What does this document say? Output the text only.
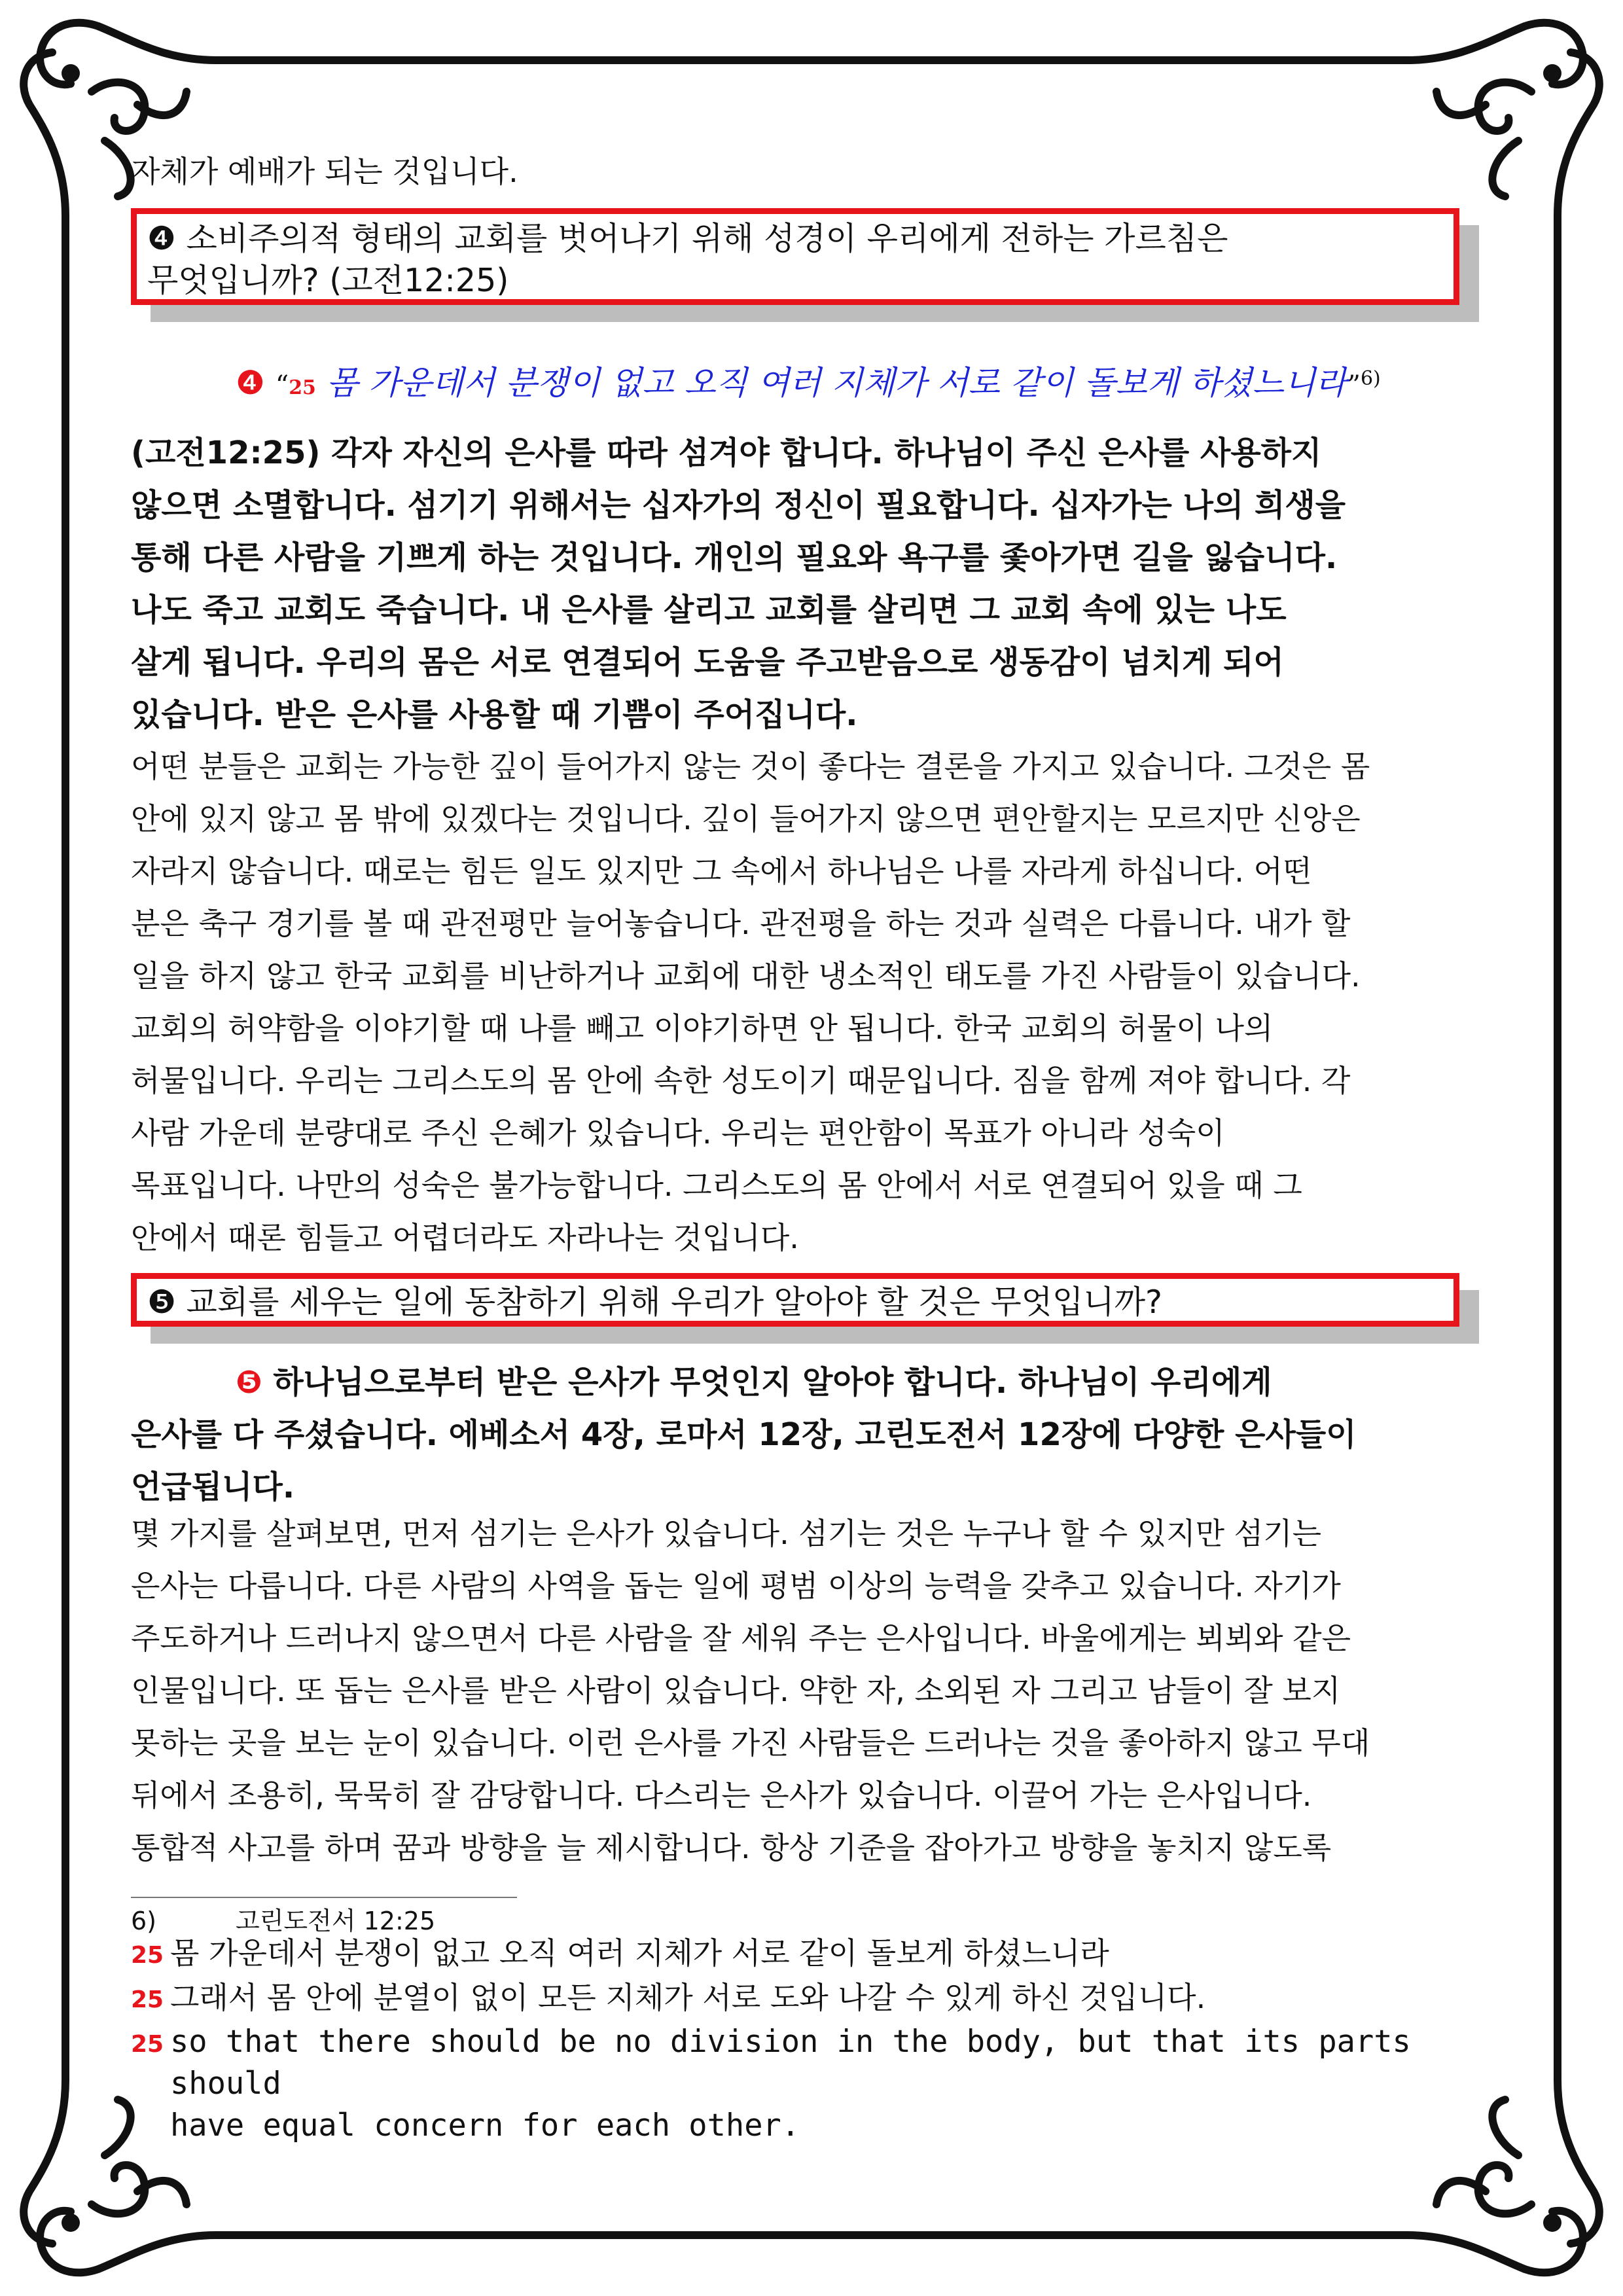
자체가 예배가 되는 것입니다.
❹ 소비주의적 형태의 교회를 벗어나기 위해 성경이 우리에게 전하는 가르침은
무엇입니까? (고전12:25)
❹ “25 몸 가운데서 분쟁이 없고 오직 여러 지체가 서로 같이 돌보게 하셨느니라”$^{6)}$
(고전12:25) 각자 자신의 은사를 따라 섬겨야 합니다. 하나님이 주신 은사를 사용하지
않으면 소멸합니다. 섬기기 위해서는 십자가의 정신이 필요합니다. 십자가는 나의 희생을
통해 다른 사람을 기쁘게 하는 것입니다. 개인의 필요와 욕구를 좇아가면 길을 잃습니다.
나도 죽고 교회도 죽습니다. 내 은사를 살리고 교회를 살리면 그 교회 속에 있는 나도
살게 됩니다. 우리의 몸은 서로 연결되어 도움을 주고받음으로 생동감이 넘치게 되어
있습니다. 받은 은사를 사용할 때 기쁨이 주어집니다.
어떤 분들은 교회는 가능한 깊이 들어가지 않는 것이 좋다는 결론을 가지고 있습니다. 그것은 몸
안에 있지 않고 몸 밖에 있겠다는 것입니다. 깊이 들어가지 않으면 편안할지는 모르지만 신앙은
자라지 않습니다. 때로는 힘든 일도 있지만 그 속에서 하나님은 나를 자라게 하십니다. 어떤
분은 축구 경기를 볼 때 관전평만 늘어놓습니다. 관전평을 하는 것과 실력은 다릅니다. 내가 할
일을 하지 않고 한국 교회를 비난하거나 교회에 대한 냉소적인 태도를 가진 사람들이 있습니다.
교회의 허약함을 이야기할 때 나를 빼고 이야기하면 안 됩니다. 한국 교회의 허물이 나의
허물입니다. 우리는 그리스도의 몸 안에 속한 성도이기 때문입니다. 짐을 함께 져야 합니다. 각
사람 가운데 분량대로 주신 은혜가 있습니다. 우리는 편안함이 목표가 아니라 성숙이
목표입니다. 나만의 성숙은 불가능합니다. 그리스도의 몸 안에서 서로 연결되어 있을 때 그
안에서 때론 힘들고 어렵더라도 자라나는 것입니다.
❺ 교회를 세우는 일에 동참하기 위해 우리가 알아야 할 것은 무엇입니까?
❺ 하나님으로부터 받은 은사가 무엇인지 알아야 합니다. 하나님이 우리에게
은사를 다 주셨습니다. 에베소서 4장, 로마서 12장, 고린도전서 12장에 다양한 은사들이
언급됩니다.
몇 가지를 살펴보면, 먼저 섬기는 은사가 있습니다. 섬기는 것은 누구나 할 수 있지만 섬기는
은사는 다릅니다. 다른 사람의 사역을 돕는 일에 평범 이상의 능력을 갖추고 있습니다. 자기가
주도하거나 드러나지 않으면서 다른 사람을 잘 세워 주는 은사입니다. 바울에게는 뵈뵈와 같은
인물입니다. 또 돕는 은사를 받은 사람이 있습니다. 약한 자, 소외된 자 그리고 남들이 잘 보지
못하는 곳을 보는 눈이 있습니다. 이런 은사를 가진 사람들은 드러나는 것을 좋아하지 않고 무대
뒤에서 조용히, 묵묵히 잘 감당합니다. 다스리는 은사가 있습니다. 이끌어 가는 은사입니다.
통합적 사고를 하며 꿈과 방향을 늘 제시합니다. 항상 기준을 잡아가고 방향을 놓치지 않도록
6)	고린도전서 12:25
25 몸 가운데서 분쟁이 없고 오직 여러 지체가 서로 같이 돌보게 하셨느니라
25 그래서 몸 안에 분열이 없이 모든 지체가 서로 도와 나갈 수 있게 하신 것입니다.
25 so that there should be no division in the body, but that its parts should
have equal concern for each other.
